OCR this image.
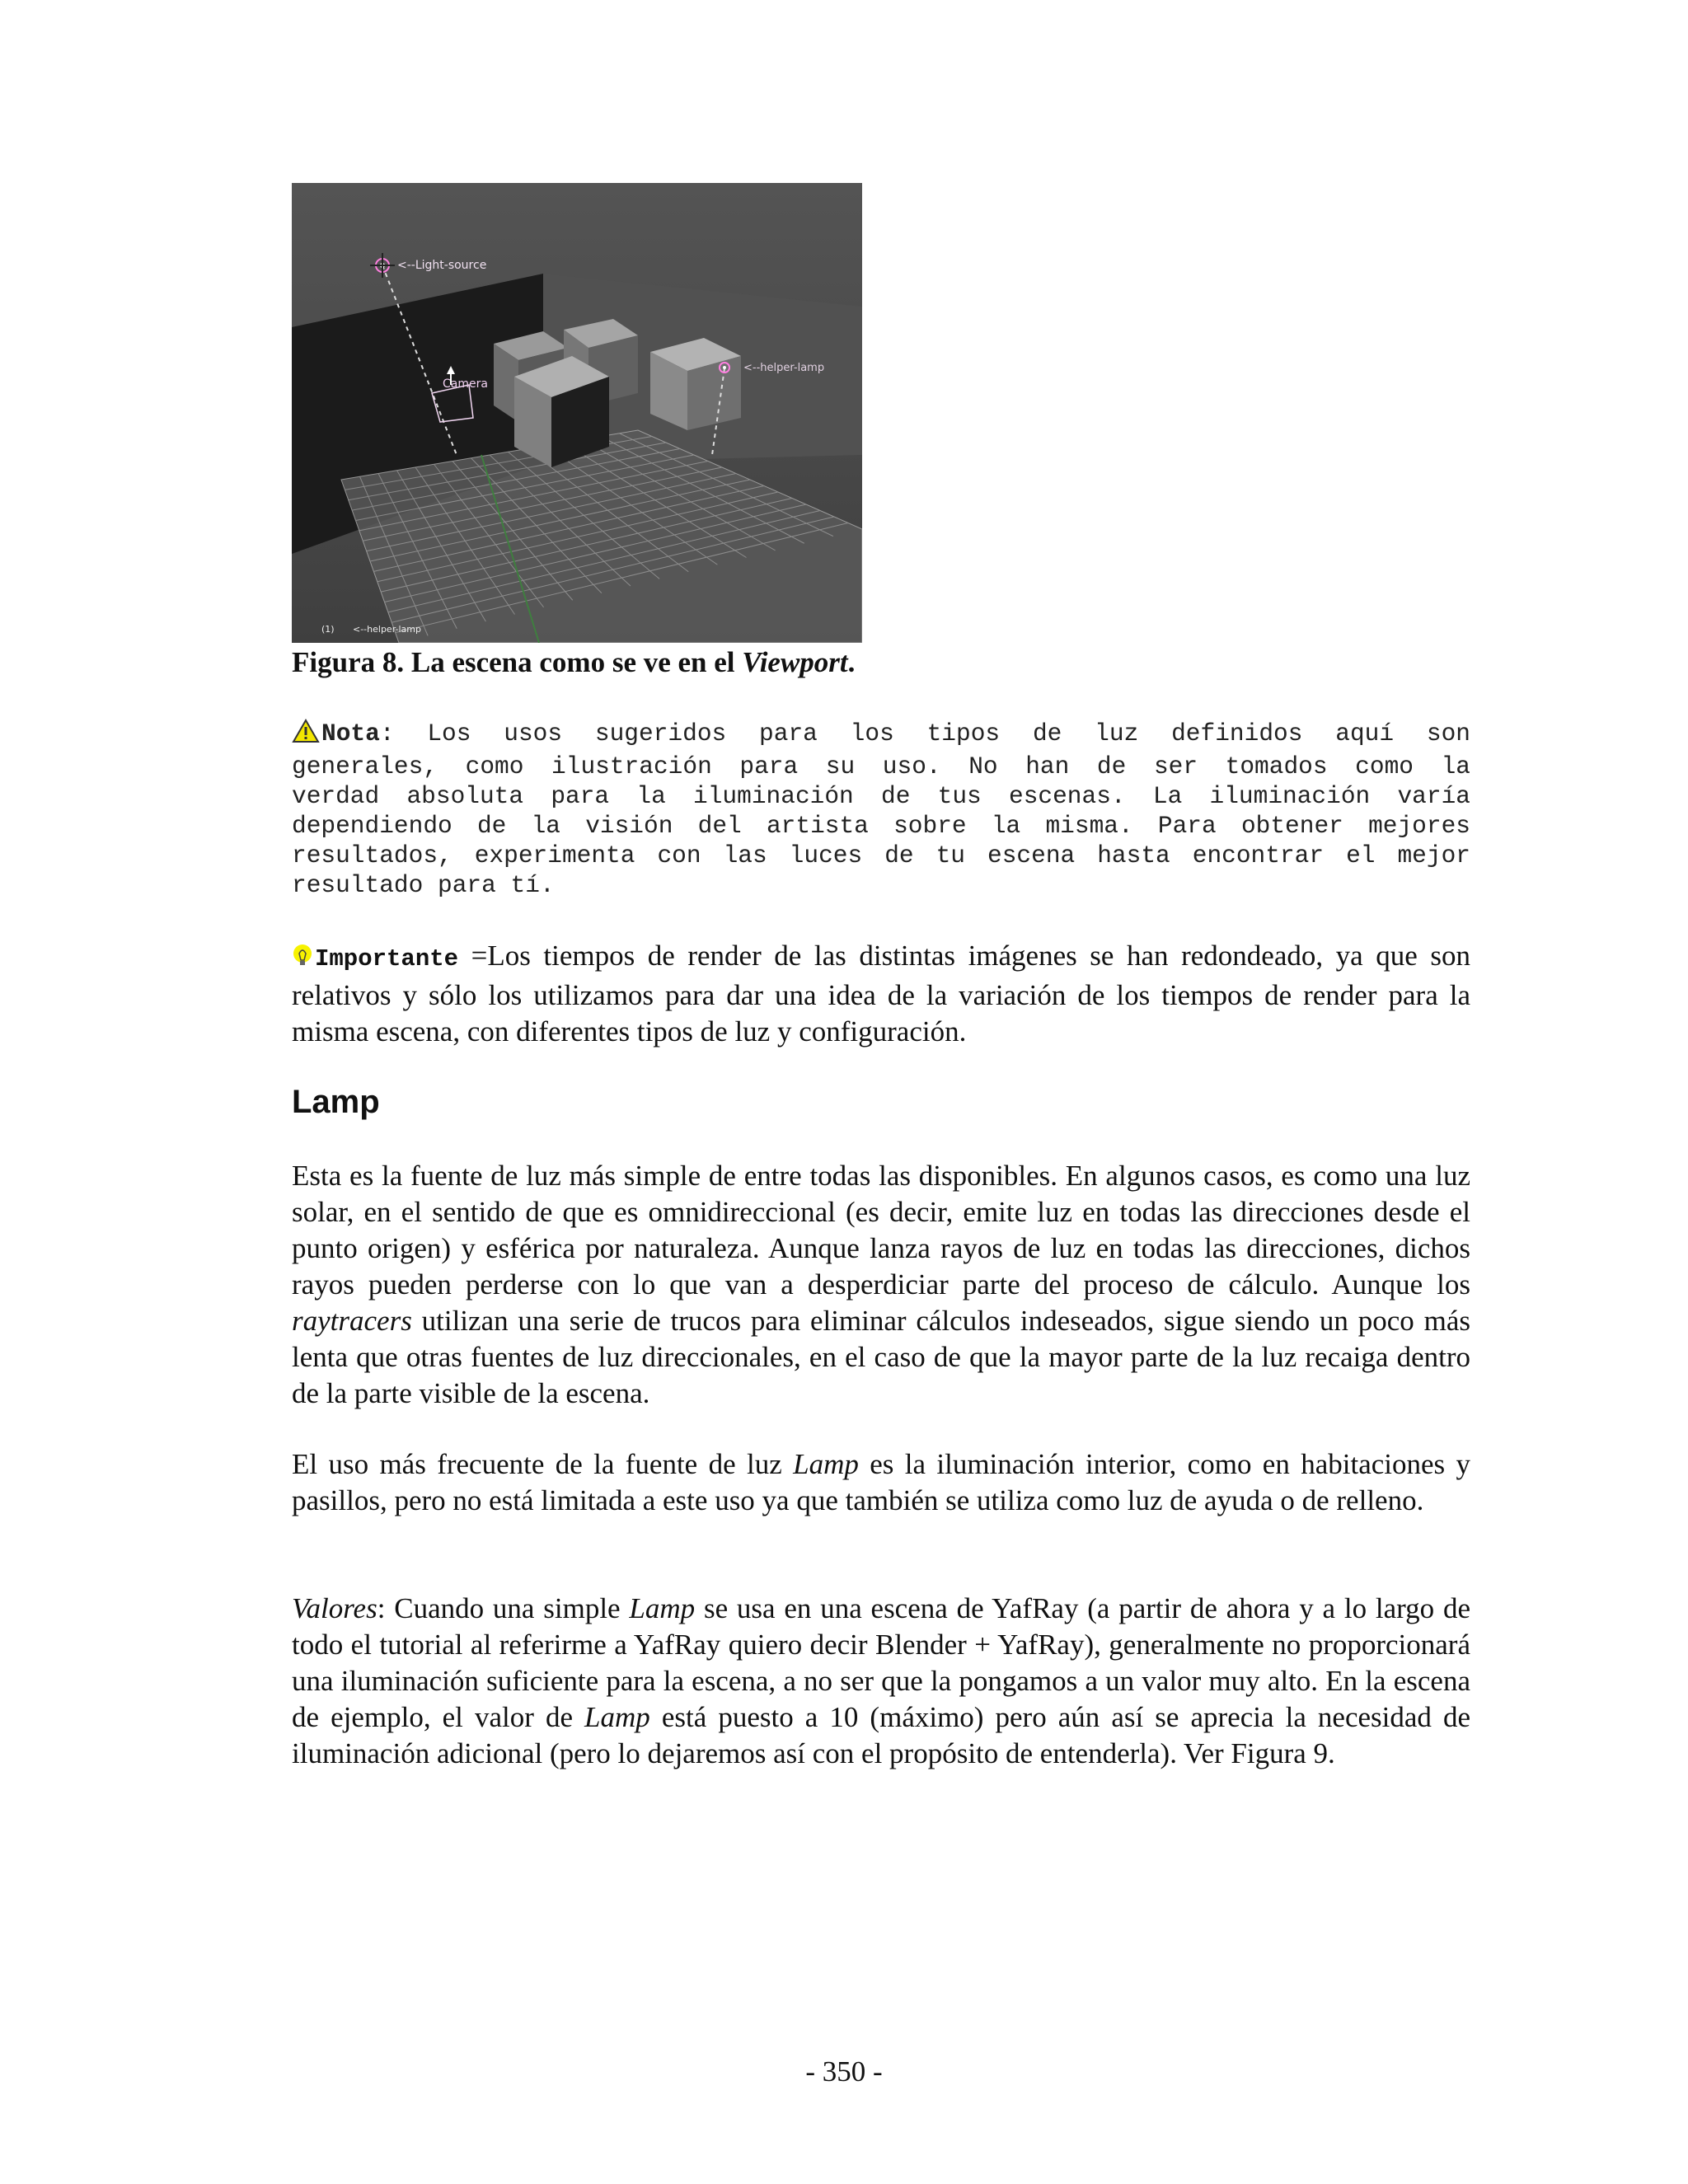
<--Light-source
Camera
<--helper-lamp
(1) <--helper-lamp
Figura 8. La escena como se ve en el Viewport.
Nota: Los usos sugeridos para los tipos de luz definidos aquí son
generales, como ilustración para su uso. No han de ser tomados como la
verdad absoluta para la iluminación de tus escenas. La iluminación varía
dependiendo de la visión del artista sobre la misma. Para obtener mejores
resultados, experimenta con las luces de tu escena hasta encontrar el mejor
resultado para tí.
Importante =Los tiempos de render de las distintas imágenes se han redondeado, ya que son relativos y sólo los utilizamos para dar una idea de la variación de los tiempos de render para la misma escena, con diferentes tipos de luz y configuración.
Lamp
Esta es la fuente de luz más simple de entre todas las disponibles. En algunos casos, es como una luz solar, en el sentido de que es omnidireccional (es decir, emite luz en todas las direcciones desde el punto origen) y esférica por naturaleza. Aunque lanza rayos de luz en todas las direcciones, dichos rayos pueden perderse con lo que van a desperdiciar parte del proceso de cálculo. Aunque los raytracers utilizan una serie de trucos para eliminar cálculos indeseados, sigue siendo un poco más lenta que otras fuentes de luz direccionales, en el caso de que la mayor parte de la luz recaiga dentro de la parte visible de la escena.
El uso más frecuente de la fuente de luz Lamp es la iluminación interior, como en habitaciones y pasillos, pero no está limitada a este uso ya que también se utiliza como luz de ayuda o de relleno.
Valores: Cuando una simple Lamp se usa en una escena de YafRay (a partir de ahora y a lo largo de todo el tutorial al referirme a YafRay quiero decir Blender + YafRay), generalmente no proporcionará una iluminación suficiente para la escena, a no ser que la pongamos a un valor muy alto. En la escena de ejemplo, el valor de Lamp está puesto a 10 (máximo) pero aún así se aprecia la necesidad de iluminación adicional (pero lo dejaremos así con el propósito de entenderla). Ver Figura 9.
- 350 -
